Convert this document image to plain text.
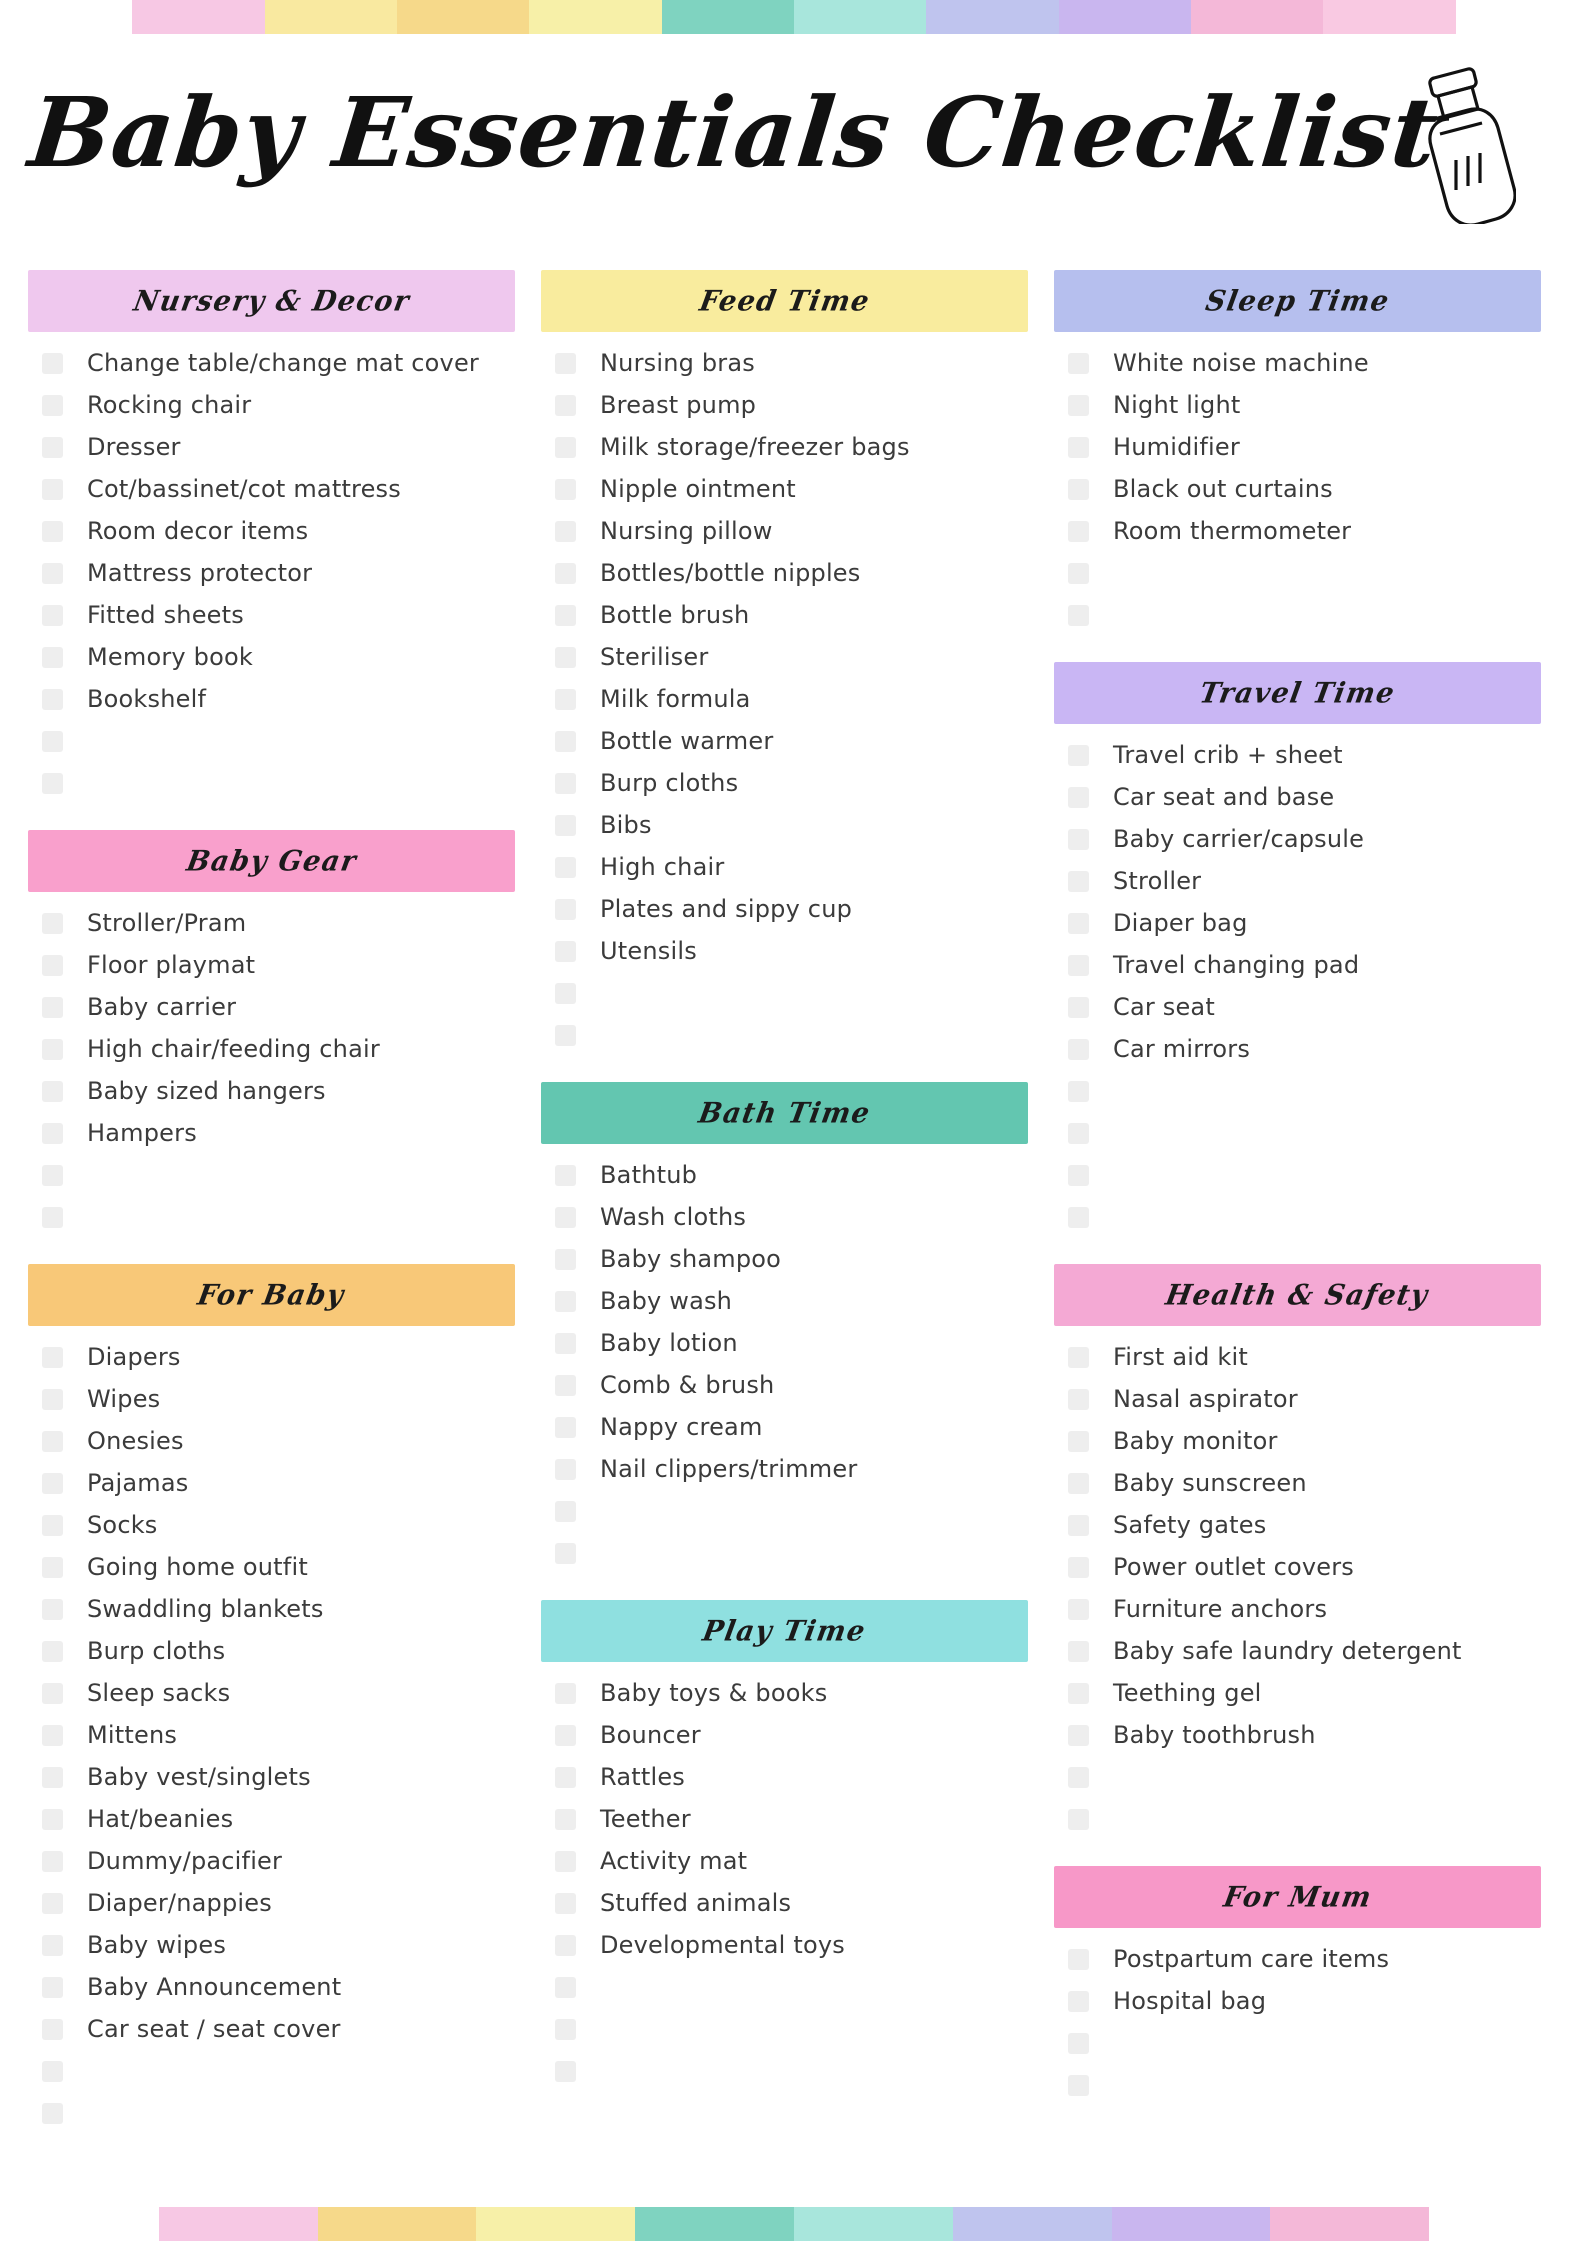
Baby Essentials Checklist
Nursery & Decor
Change table/change mat cover
Rocking chair
Dresser
Cot/bassinet/cot mattress
Room decor items
Mattress protector
Fitted sheets
Memory book
Bookshelf
Baby Gear
Stroller/Pram
Floor playmat
Baby carrier
High chair/feeding chair
Baby sized hangers
Hampers
For Baby
Diapers
Wipes
Onesies
Pajamas
Socks
Going home outfit
Swaddling blankets
Burp cloths
Sleep sacks
Mittens
Baby vest/singlets
Hat/beanies
Dummy/pacifier
Diaper/nappies
Baby wipes
Baby Announcement
Car seat / seat cover
Feed Time
Nursing bras
Breast pump
Milk storage/freezer bags
Nipple ointment
Nursing pillow
Bottles/bottle nipples
Bottle brush
Steriliser
Milk formula
Bottle warmer
Burp cloths
Bibs
High chair
Plates and sippy cup
Utensils
Bath Time
Bathtub
Wash cloths
Baby shampoo
Baby wash
Baby lotion
Comb & brush
Nappy cream
Nail clippers/trimmer
Play Time
Baby toys & books
Bouncer
Rattles
Teether
Activity mat
Stuffed animals
Developmental toys
Sleep Time
White noise machine
Night light
Humidifier
Black out curtains
Room thermometer
Travel Time
Travel crib + sheet
Car seat and base
Baby carrier/capsule
Stroller
Diaper bag
Travel changing pad
Car seat
Car mirrors
Health & Safety
First aid kit
Nasal aspirator
Baby monitor
Baby sunscreen
Safety gates
Power outlet covers
Furniture anchors
Baby safe laundry detergent
Teething gel
Baby toothbrush
For Mum
Postpartum care items
Hospital bag
